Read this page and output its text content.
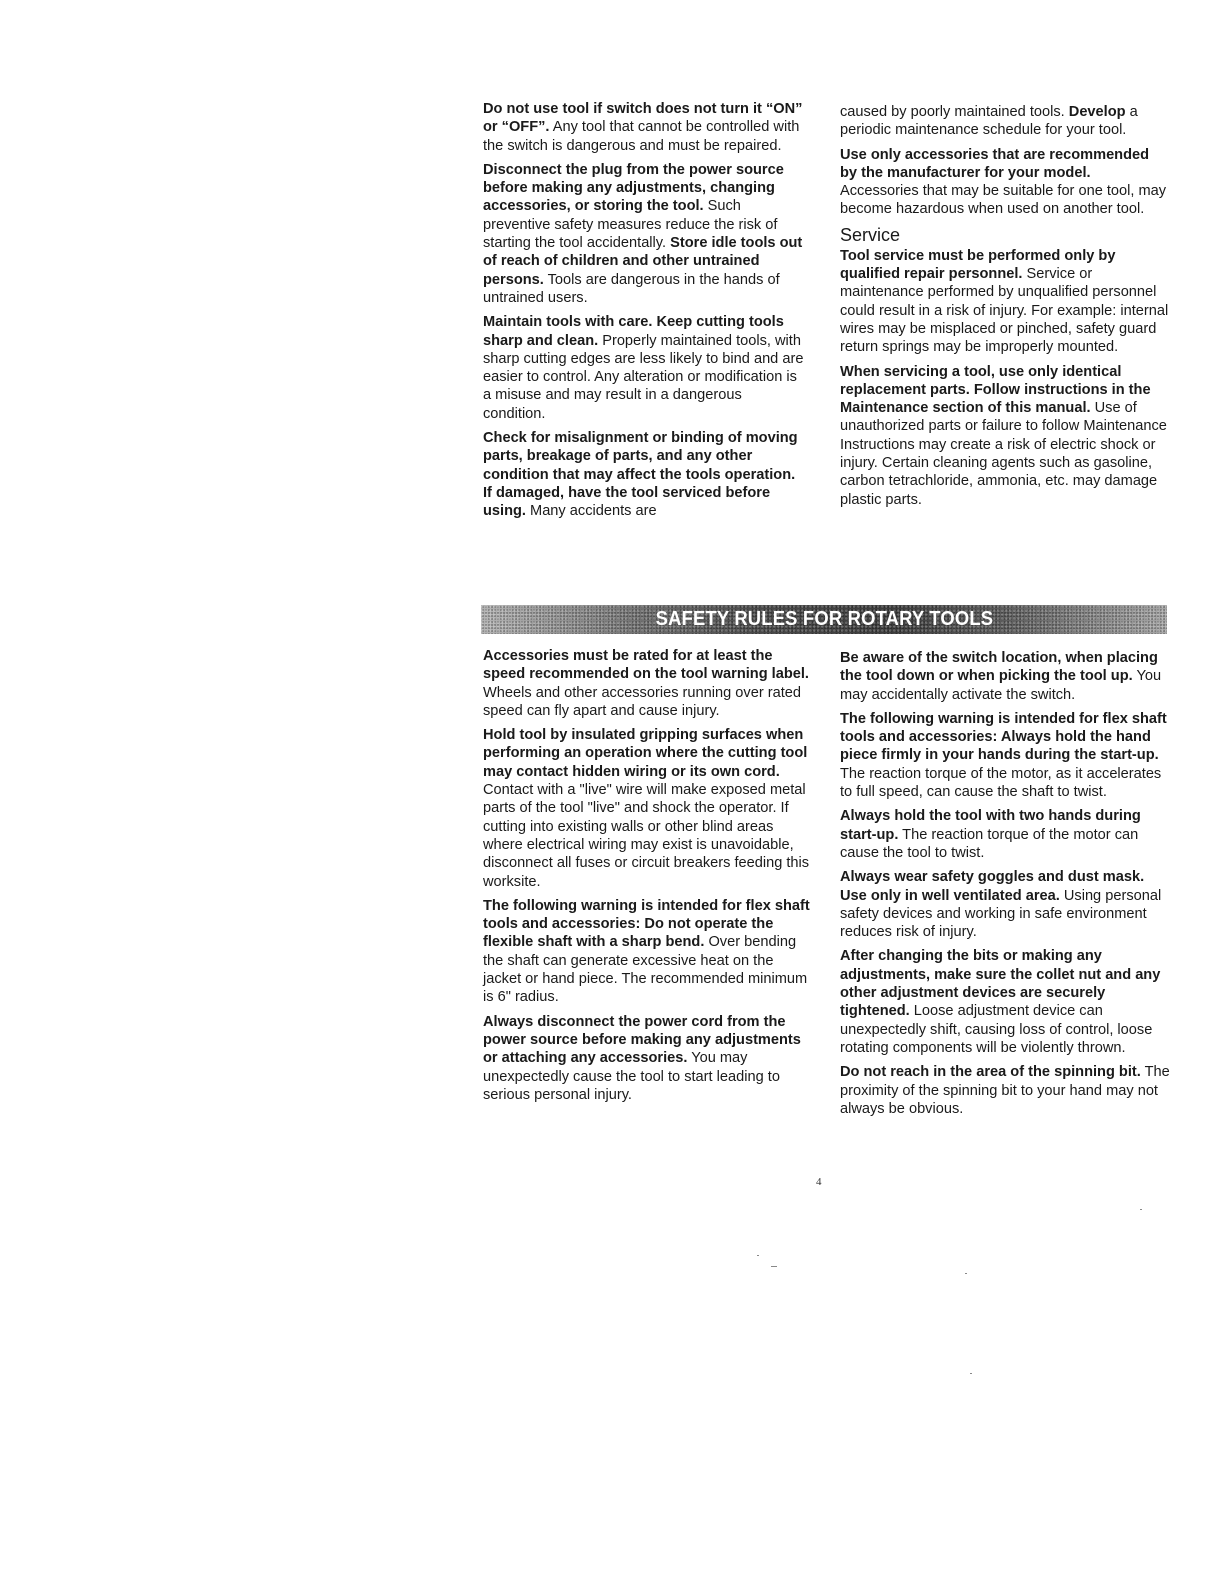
Do not use tool if switch does not turn it “ON” or “OFF”. Any tool that cannot be controlled with the switch is dangerous and must be repaired.

Disconnect the plug from the power source before making any adjustments, changing accessories, or storing the tool. Such preventive safety measures reduce the risk of starting the tool accidentally. Store idle tools out of reach of children and other untrained persons. Tools are dangerous in the hands of untrained users.

Maintain tools with care. Keep cutting tools sharp and clean. Properly maintained tools, with sharp cutting edges are less likely to bind and are easier to control. Any alteration or modification is a misuse and may result in a dangerous condition.

Check for misalignment or binding of moving parts, breakage of parts, and any other condition that may affect the tools operation. If damaged, have the tool serviced before using. Many accidents are

caused by poorly maintained tools. Develop a periodic maintenance schedule for your tool.

Use only accessories that are recommended by the manufacturer for your model. Accessories that may be suitable for one tool, may become hazardous when used on another tool.

Service

Tool service must be performed only by qualified repair personnel. Service or maintenance performed by unqualified personnel could result in a risk of injury. For example: internal wires may be misplaced or pinched, safety guard return springs may be improperly mounted.

When servicing a tool, use only identical replacement parts. Follow instructions in the Maintenance section of this manual. Use of unauthorized parts or failure to follow Maintenance Instructions may create a risk of electric shock or injury. Certain cleaning agents such as gasoline, carbon tetrachloride, ammonia, etc. may damage plastic parts.

SAFETY RULES FOR ROTARY TOOLS

Accessories must be rated for at least the speed recommended on the tool warning label. Wheels and other accessories running over rated speed can fly apart and cause injury.

Hold tool by insulated gripping surfaces when performing an operation where the cutting tool may contact hidden wiring or its own cord. Contact with a "live" wire will make exposed metal parts of the tool "live" and shock the operator. If cutting into existing walls or other blind areas where electrical wiring may exist is unavoidable, disconnect all fuses or circuit breakers feeding this worksite.

The following warning is intended for flex shaft tools and accessories: Do not operate the flexible shaft with a sharp bend. Over bending the shaft can generate excessive heat on the jacket or hand piece. The recommended minimum is 6" radius.

Always disconnect the power cord from the power source before making any adjustments or attaching any accessories. You may unexpectedly cause the tool to start leading to serious personal injury.

Be aware of the switch location, when placing the tool down or when picking the tool up. You may accidentally activate the switch.

The following warning is intended for flex shaft tools and accessories: Always hold the hand piece firmly in your hands during the start-up. The reaction torque of the motor, as it accelerates to full speed, can cause the shaft to twist.

Always hold the tool with two hands during start-up. The reaction torque of the motor can cause the tool to twist.

Always wear safety goggles and dust mask. Use only in well ventilated area. Using personal safety devices and working in safe environment reduces risk of injury.

After changing the bits or making any adjustments, make sure the collet nut and any other adjustment devices are securely tightened. Loose adjustment device can unexpectedly shift, causing loss of control, loose rotating components will be violently thrown.

Do not reach in the area of the spinning bit. The proximity of the spinning bit to your hand may not always be obvious.

4
